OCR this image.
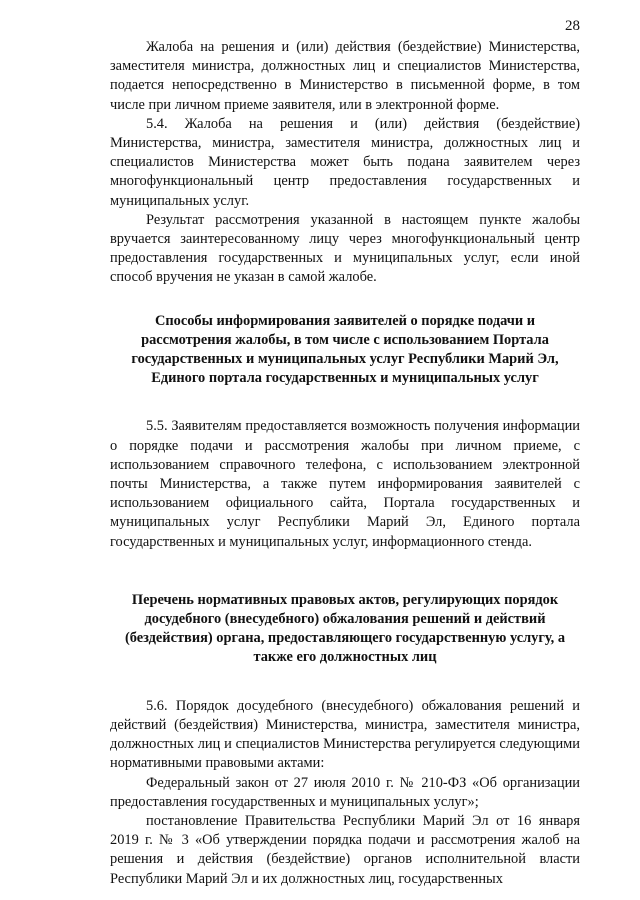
28

Жалоба на решения и (или) действия (бездействие) Министерства, заместителя министра, должностных лиц и специалистов Министерства, подается непосредственно в Министерство в письменной форме, в том числе при личном приеме заявителя, или в электронной форме.

5.4. Жалоба на решения и (или) действия (бездействие) Министерства, министра, заместителя министра, должностных лиц и специалистов Министерства может быть подана заявителем через многофункциональный центр предоставления государственных и муниципальных услуг.

Результат рассмотрения указанной в настоящем пункте жалобы вручается заинтересованному лицу через многофункциональный центр предоставления государственных и муниципальных услуг, если иной способ вручения не указан в самой жалобе.

Способы информирования заявителей о порядке подачи и рассмотрения жалобы, в том числе с использованием Портала государственных и муниципальных услуг Республики Марий Эл, Единого портала государственных и муниципальных услуг

5.5. Заявителям предоставляется возможность получения информации о порядке подачи и рассмотрения жалобы при личном приеме, с использованием справочного телефона, с использованием электронной почты Министерства, а также путем информирования заявителей с использованием официального сайта, Портала государственных и муниципальных услуг Республики Марий Эл, Единого портала государственных и муниципальных услуг, информационного стенда.

Перечень нормативных правовых актов, регулирующих порядок досудебного (внесудебного) обжалования решений и действий (бездействия) органа, предоставляющего государственную услугу, а также его должностных лиц

5.6. Порядок досудебного (внесудебного) обжалования решений и действий (бездействия) Министерства, министра, заместителя министра, должностных лиц и специалистов Министерства регулируется следующими нормативными правовыми актами:

Федеральный закон от 27 июля 2010 г. № 210-ФЗ «Об организации предоставления государственных и муниципальных услуг»;

постановление Правительства Республики Марий Эл от 16 января 2019 г. № 3 «Об утверждении порядка подачи и рассмотрения жалоб на решения и действия (бездействие) органов исполнительной власти Республики Марий Эл и их должностных лиц, государственных
